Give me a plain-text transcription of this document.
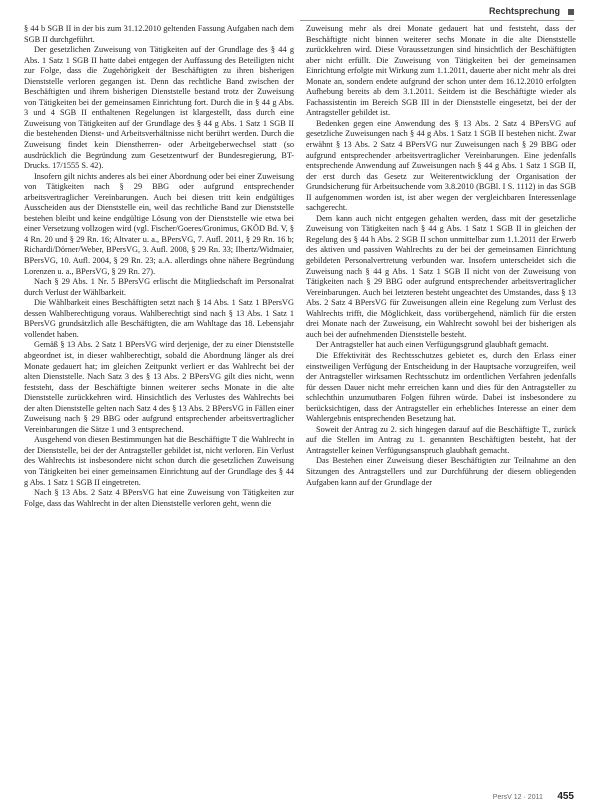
Rechtsprechung

§ 44 b SGB II in der bis zum 31.12.2010 geltenden Fassung Aufgaben nach dem SGB II durchgeführt.

Der gesetzlichen Zuweisung von Tätigkeiten auf der Grundlage des § 44 g Abs. 1 Satz 1 SGB II hatte dabei entgegen der Auffassung des Beteiligten nicht zur Folge, dass die Zugehörigkeit der Beschäftigten zu ihren bisherigen Dienststelle verloren gegangen ist. Denn das rechtliche Band zwischen der Beschäftigten und ihrem bisherigen Dienststelle bestand trotz der Zuweisung von Tätigkeiten bei der gemeinsamen Einrichtung fort. Durch die in § 44 g Abs. 3 und 4 SGB II enthaltenen Regelungen ist klargestellt, dass durch eine Zuweisung von Tätigkeiten auf der Grundlage des § 44 g Abs. 1 Satz 1 SGB II die bestehenden Dienst- und Arbeitsverhältnisse nicht berührt werden. Durch die Zuweisung findet kein Dienstherren- oder Arbeitgeberwechsel statt (so ausdrücklich die Begründung zum Gesetzentwurf der Bundesregierung, BT-Drucks. 17/1555 S. 42).

Insofern gilt nichts anderes als bei einer Abordnung oder bei einer Zuweisung von Tätigkeiten nach § 29 BBG oder aufgrund entsprechender arbeitsvertraglicher Vereinbarungen. Auch bei diesen tritt kein endgültiges Ausscheiden aus der Dienststelle ein, weil das rechtliche Band zur Dienststelle bestehen bleibt und keine endgültige Lösung von der Dienststelle wie etwa bei einer Versetzung vollzogen wird (vgl. Fischer/Goeres/Gronimus, GKÖD Bd. V, § 4 Rn. 20 und § 29 Rn. 16; Altvater u. a., BPersVG, 7. Aufl. 2011, § 29 Rn. 16 b; Richardi/Dörner/Weber, BPersVG, 3. Aufl. 2008, § 29 Rn. 33; Ilbertz/Widmaier, BPersVG, 10. Aufl. 2004, § 29 Rn. 23; a.A. allerdings ohne nähere Begründung Lorenzen u. a., BPersVG, § 29 Rn. 27).

Nach § 29 Abs. 1 Nr. 5 BPersVG erlischt die Mitgliedschaft im Personalrat durch Verlust der Wählbarkeit.

Die Wählbarkeit eines Beschäftigten setzt nach § 14 Abs. 1 Satz 1 BPersVG dessen Wahlberechtigung voraus. Wahlberechtigt sind nach § 13 Abs. 1 Satz 1 BPersVG grundsätzlich alle Beschäftigten, die am Wahltage das 18. Lebensjahr vollendet haben.

Gemäß § 13 Abs. 2 Satz 1 BPersVG wird derjenige, der zu einer Dienststelle abgeordnet ist, in dieser wahlberechtigt, sobald die Abordnung länger als drei Monate gedauert hat; im gleichen Zeitpunkt verliert er das Wahlrecht bei der alten Dienststelle. Nach Satz 3 des § 13 Abs. 2 BPersVG gilt dies nicht, wenn feststeht, dass der Beschäftigte binnen weiterer sechs Monate in die alte Dienststelle zurückkehren wird. Hinsichtlich des Verlustes des Wahlrechts bei der alten Dienststelle gelten nach Satz 4 des § 13 Abs. 2 BPersVG in Fällen einer Zuweisung nach § 29 BBG oder aufgrund entsprechender arbeitsvertraglicher Vereinbarungen die Sätze 1 und 3 entsprechend.

Ausgehend von diesen Bestimmungen hat die Beschäftigte T die Wahlrecht in der Dienststelle, bei der der Antragsteller gebildet ist, nicht verloren. Ein Verlust des Wahlrechts ist insbesondere nicht schon durch die gesetzlichen Zuweisung von Tätigkeiten bei einer gemeinsamen Einrichtung auf der Grundlage des § 44 g Abs. 1 Satz 1 SGB II eingetreten.

Nach § 13 Abs. 2 Satz 4 BPersVG hat eine Zuweisung von Tätigkeiten zur Folge, dass das Wahlrecht in der alten Dienststelle verloren geht, wenn die

Zuweisung mehr als drei Monate gedauert hat und feststeht, dass der Beschäftigte nicht binnen weiterer sechs Monate in die alte Dienststelle zurückkehren wird. Diese Voraussetzungen sind hinsichtlich der Beschäftigten aber nicht erfüllt. Die Zuweisung von Tätigkeiten bei der gemeinsamen Einrichtung erfolgte mit Wirkung zum 1.1.2011, dauerte aber nicht mehr als drei Monate an, sondern endete aufgrund der schon unter dem 16.12.2010 erfolgten Aufhebung bereits ab dem 3.1.2011. Seitdem ist die Beschäftigte wieder als Fachassistentin im Bereich SGB III in der Dienststelle eingesetzt, bei der der Antragsteller gebildet ist.

Bedenken gegen eine Anwendung des § 13 Abs. 2 Satz 4 BPersVG auf gesetzliche Zuweisungen nach § 44 g Abs. 1 Satz 1 SGB II bestehen nicht. Zwar erwähnt § 13 Abs. 2 Satz 4 BPersVG nur Zuweisungen nach § 29 BBG oder aufgrund entsprechender arbeitsvertraglicher Vereinbarungen. Eine jedenfalls entsprechende Anwendung auf Zuweisungen nach § 44 g Abs. 1 Satz 1 SGB II, der erst durch das Gesetz zur Weiterentwicklung der Organisation der Grundsicherung für Arbeitsuchende vom 3.8.2010 (BGBl. I S. 1112) in das SGB II aufgenommen worden ist, ist aber wegen der vergleichbaren Interessenlage sachgerecht.

Dem kann auch nicht entgegen gehalten werden, dass mit der gesetzliche Zuweisung von Tätigkeiten nach § 44 g Abs. 1 Satz 1 SGB II in gleichen der Regelung des § 44 h Abs. 2 SGB II schon unmittelbar zum 1.1.2011 der Erwerb des aktiven und passiven Wahlrechts zu der bei der gemeinsamen Einrichtung gebildeten Personalvertretung verbunden war. Insofern unterscheidet sich die Zuweisung nach § 44 g Abs. 1 Satz 1 SGB II nicht von der Zuweisung von Tätigkeiten nach § 29 BBG oder aufgrund entsprechender arbeitsvertraglicher Vereinbarungen. Auch bei letzteren besteht ungeachtet des Umstandes, dass § 13 Abs. 2 Satz 4 BPersVG für Zuweisungen allein eine Regelung zum Verlust des Wahlrechts trifft, die Möglichkeit, dass vorübergehend, nämlich für die ersten drei Monate nach der Zuweisung, ein Wahlrecht sowohl bei der bisherigen als auch bei der aufnehmenden Dienststelle besteht.

Der Antragsteller hat auch einen Verfügungsgrund glaubhaft gemacht.

Die Effektivität des Rechtsschutzes gebietet es, durch den Erlass einer einstweiligen Verfügung der Entscheidung in der Hauptsache vorzugreifen, weil der Antragsteller wirksamen Rechtsschutz im ordentlichen Verfahren jedenfalls für dessen Dauer nicht mehr erreichen kann und dies für den Antragsteller zu schlechthin unzumutbaren Folgen führen würde. Dabei ist insbesondere zu berücksichtigen, dass der Antragsteller ein erhebliches Interesse an einer dem Wahlergebnis entsprechenden Besetzung hat.

Soweit der Antrag zu 2. sich hingegen darauf auf die Beschäftigte T., zurück auf die Stellen im Antrag zu 1. genannten Beschäftigten besteht, hat der Antragsteller keinen Verfügungsanspruch glaubhaft gemacht.

Das Bestehen einer Zuweisung dieser Beschäftigten zur Teilnahme an den Sitzungen des Antragstellers und zur Durchführung der diesem obliegenden Aufgaben kann auf der Grundlage der

PersV 12 · 2011 455
